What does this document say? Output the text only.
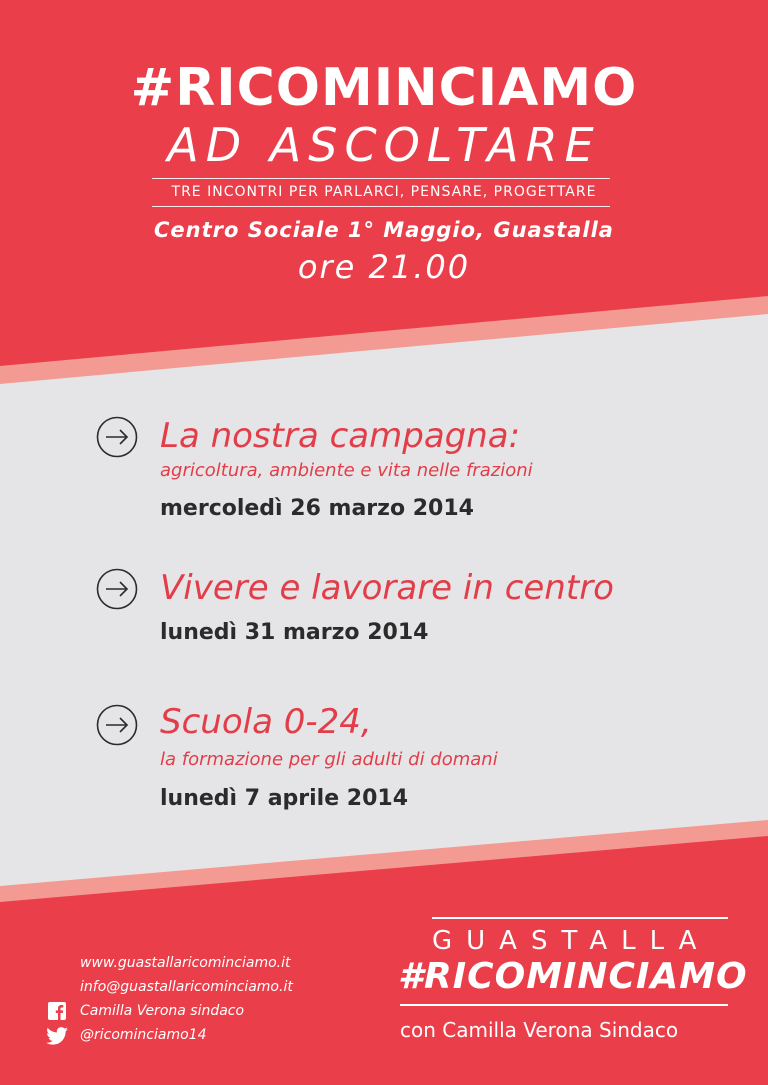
#RICOMINCIAMO
AD ASCOLTARE
TRE INCONTRI PER PARLARCI, PENSARE, PROGETTARE
Centro Sociale 1° Maggio, Guastalla
ore 21.00
La nostra campagna:
agricoltura, ambiente e vita nelle frazioni
mercoledì 26 marzo 2014
Vivere e lavorare in centro
lunedì 31 marzo 2014
Scuola 0-24,
la formazione per gli adulti di domani
lunedì 7 aprile 2014
www.guastallaricominciamo.it
info@guastallaricominciamo.it
Camilla Verona sindaco
@ricominciamo14
GUASTALLA
#RICOMINCIAMO
con Camilla Verona Sindaco
